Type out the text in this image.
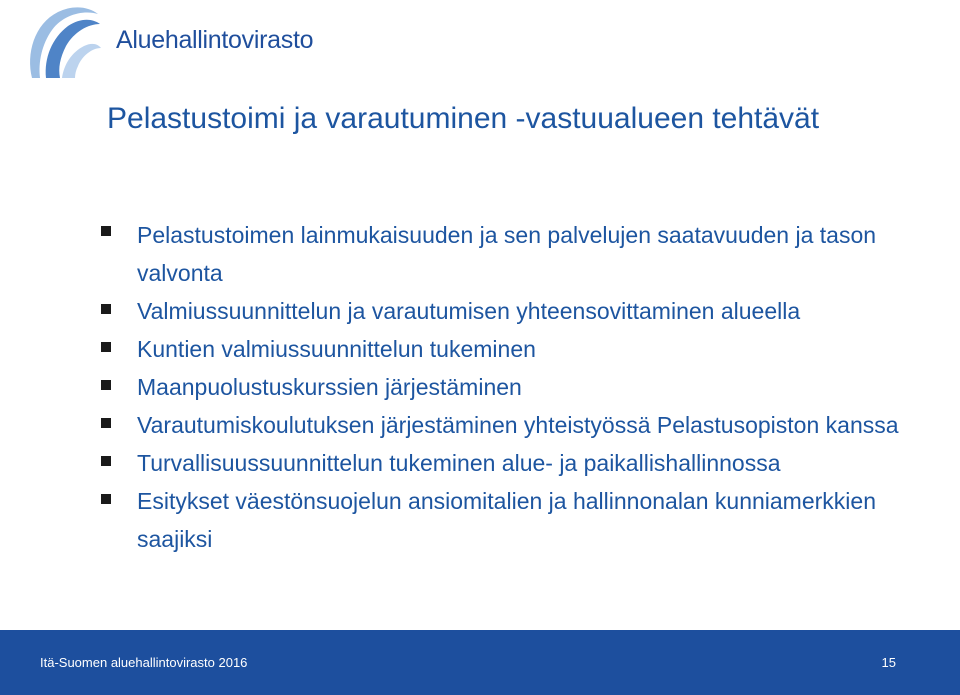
Aluehallintovirasto
Pelastustoimi ja varautuminen -vastuualueen tehtävät
Pelastustoimen lainmukaisuuden ja sen palvelujen saatavuuden ja tason valvonta
Valmiussuunnittelun ja varautumisen yhteensovittaminen alueella
Kuntien valmiussuunnittelun tukeminen
Maanpuolustuskurssien järjestäminen
Varautumiskoulutuksen järjestäminen yhteistyössä Pelastusopiston kanssa
Turvallisuussuunnittelun tukeminen alue- ja paikallishallinnossa
Esitykset väestönsuojelun ansiomitalien ja hallinnonalan kunniamerkkien saajiksi
Itä-Suomen aluehallintovirasto 2016	15
